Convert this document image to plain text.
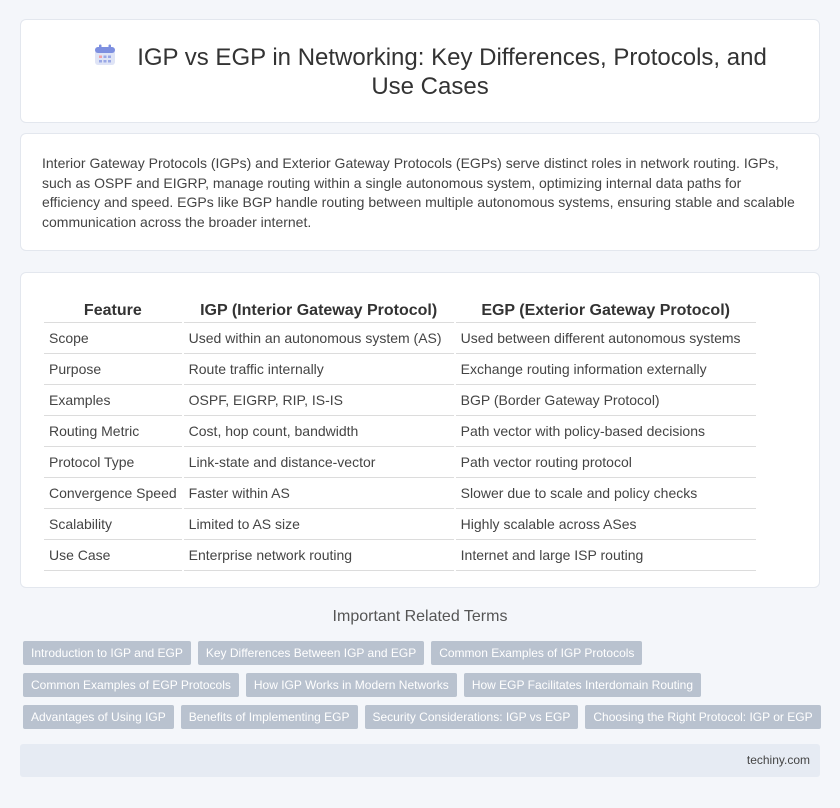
IGP vs EGP in Networking: Key Differences, Protocols, and Use Cases

Interior Gateway Protocols (IGPs) and Exterior Gateway Protocols (EGPs) serve distinct roles in network routing. IGPs, such as OSPF and EIGRP, manage routing within a single autonomous system, optimizing internal data paths for efficiency and speed. EGPs like BGP handle routing between multiple autonomous systems, ensuring stable and scalable communication across the broader internet.

Feature	IGP (Interior Gateway Protocol)	EGP (Exterior Gateway Protocol)
Scope	Used within an autonomous system (AS)	Used between different autonomous systems
Purpose	Route traffic internally	Exchange routing information externally
Examples	OSPF, EIGRP, RIP, IS-IS	BGP (Border Gateway Protocol)
Routing Metric	Cost, hop count, bandwidth	Path vector with policy-based decisions
Protocol Type	Link-state and distance-vector	Path vector routing protocol
Convergence Speed	Faster within AS	Slower due to scale and policy checks
Scalability	Limited to AS size	Highly scalable across ASes
Use Case	Enterprise network routing	Internet and large ISP routing
Important Related Terms
Introduction to IGP and EGP	Key Differences Between IGP and EGP	Common Examples of IGP Protocols
Common Examples of EGP Protocols	How IGP Works in Modern Networks	How EGP Facilitates Interdomain Routing
Advantages of Using IGP	Benefits of Implementing EGP	Security Considerations: IGP vs EGP	Choosing the Right Protocol: IGP or EGP
techiny.com
